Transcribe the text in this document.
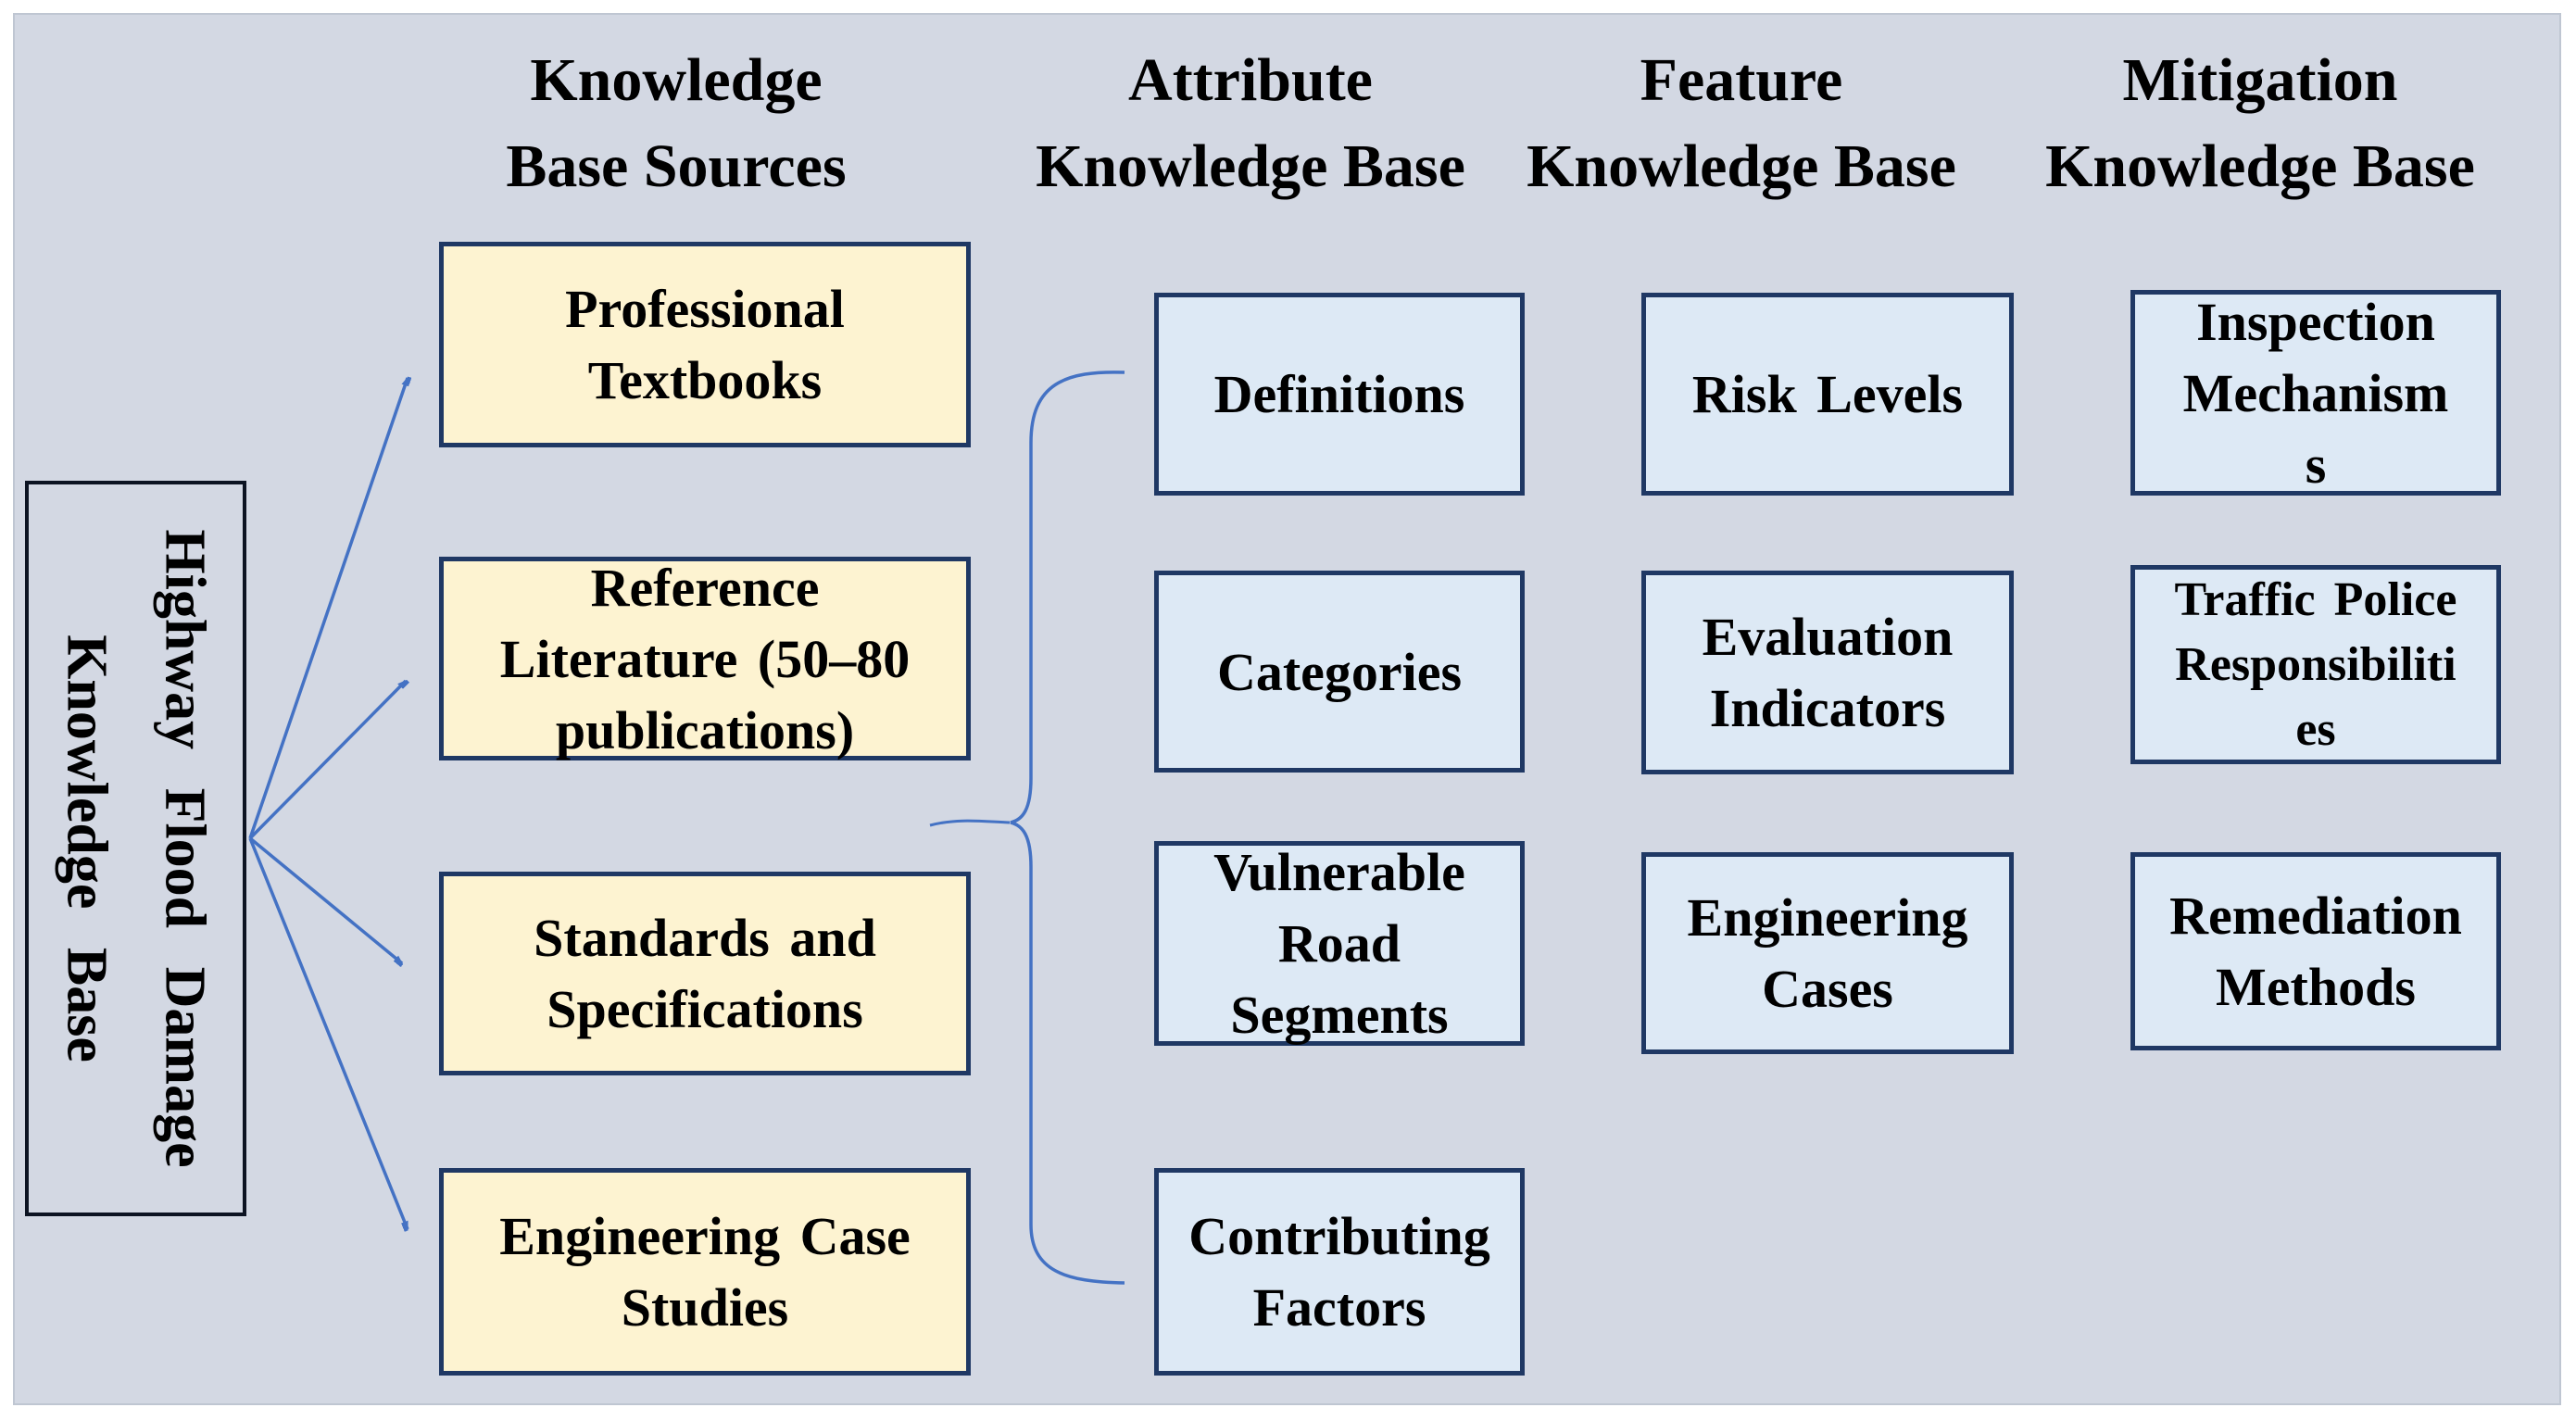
Highway Flood Damage
Knowledge Base
Knowledge
Base Sources
Attribute
Knowledge Base
Feature
Knowledge Base
Mitigation
Knowledge Base
Professional
Textbooks
Reference
Literature (50–80
publications)
Standards and
Specifications
Engineering Case
Studies
Definitions
Categories
Vulnerable
Road
Segments
Contributing
Factors
Risk Levels
Evaluation
Indicators
Engineering
Cases
Inspection
Mechanism
s
Traffic Police
Responsibiliti
es
Remediation
Methods
